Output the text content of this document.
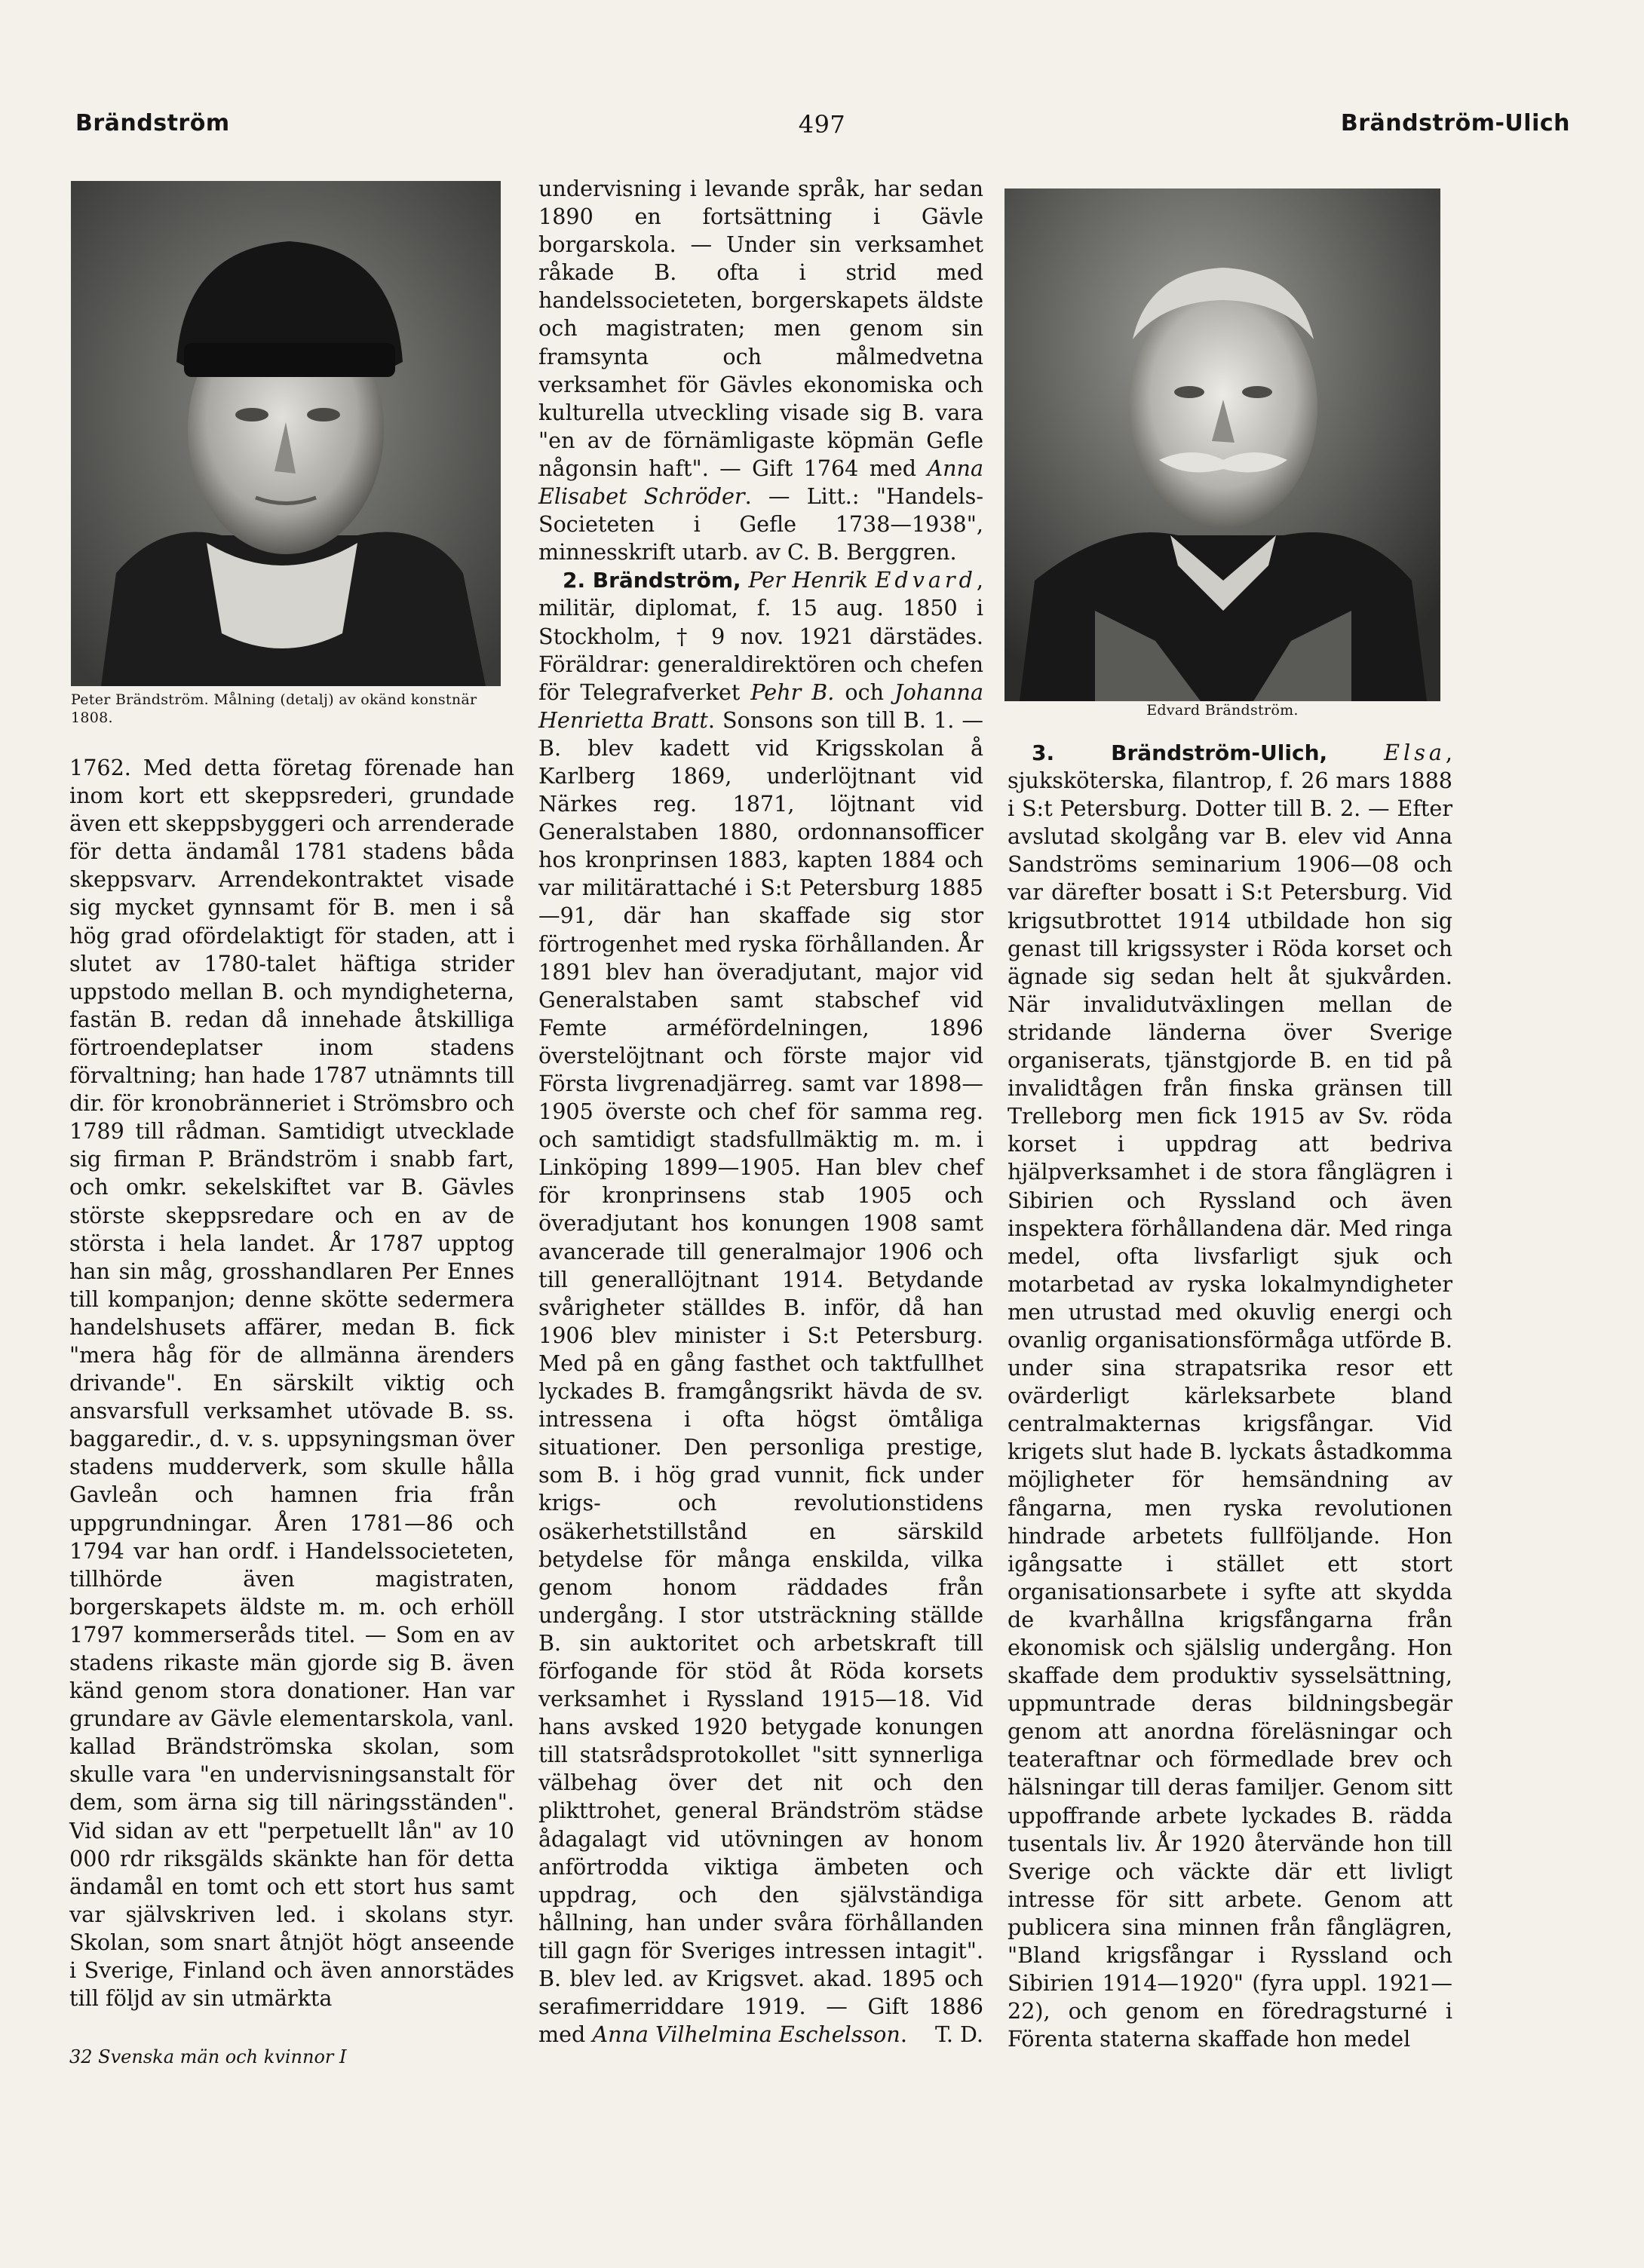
497
Brändström	Brändström-Ulich
Peter Brändström. Målning (detalj) av okänd konstnär 1808.	Edvard Brändström.

1762. Med detta företag förenade han inom kort ett skeppsrederi, grundade även ett skeppsbyggeri och arrenderade för detta ändamål 1781 stadens båda skeppsvarv. Arrendekontraktet visade sig mycket gynnsamt för B. men i så hög grad ofördelaktigt för staden, att i slutet av 1780-talet häftiga strider uppstodo mellan B. och myndigheterna, fastän B. redan då innehade åtskilliga förtroendeplatser inom stadens förvaltning; han hade 1787 utnämnts till dir. för kronobränneriet i Strömsbro och 1789 till rådman. Samtidigt utvecklade sig firman P. Brändström i snabb fart, och omkr. sekelskiftet var B. Gävles störste skeppsredare och en av de största i hela landet. År 1787 upptog han sin måg, grosshandlaren Per Ennes till kompanjon; denne skötte sedermera handelshusets affärer, medan B. fick "mera håg för de allmänna ärenders drivande". En särskilt viktig och ansvarsfull verksamhet utövade B. ss. baggaredir., d. v. s. uppsyningsman över stadens mudderverk, som skulle hålla Gavleån och hamnen fria från uppgrundningar. Åren 1781—86 och 1794 var han ordf. i Handelssocieteten, tillhörde även magistraten, borgerskapets äldste m. m. och erhöll 1797 kommerseråds titel. — Som en av stadens rikaste män gjorde sig B. även känd genom stora donationer. Han var grundare av Gävle elementarskola, vanl. kallad Brändströmska skolan, som skulle vara "en undervisningsanstalt för dem, som ärna sig till näringsständen". Vid sidan av ett "perpetuellt lån" av 10 000 rdr riksgälds skänkte han för detta ändamål en tomt och ett stort hus samt var självskriven led. i skolans styr. Skolan, som snart åtnjöt högt anseende i Sverige, Finland och även annorstädes till följd av sin utmärkta

undervisning i levande språk, har sedan 1890 en fortsättning i Gävle borgarskola. — Under sin verksamhet råkade B. ofta i strid med handelssocieteten, borgerskapets äldste och magistraten; men genom sin framsynta och målmedvetna verksamhet för Gävles ekonomiska och kulturella utveckling visade sig B. vara "en av de förnämligaste köpmän Gefle någonsin haft". — Gift 1764 med Anna Elisabet Schröder. — Litt.: "Handels-Societeten i Gefle 1738—1938", minnesskrift utarb. av C. B. Berggren.

2. Brändström, Per Henrik Edvard, militär, diplomat, f. 15 aug. 1850 i Stockholm, † 9 nov. 1921 därstädes. Föräldrar: generaldirektören och chefen för Telegrafverket Pehr B. och Johanna Henrietta Bratt. Sonsons son till B. 1. — B. blev kadett vid Krigsskolan å Karlberg 1869, underlöjtnant vid Närkes reg. 1871, löjtnant vid Generalstaben 1880, ordonnansofficer hos kronprinsen 1883, kapten 1884 och var militärattaché i S:t Petersburg 1885—91, där han skaffade sig stor förtrogenhet med ryska förhållanden. År 1891 blev han överadjutant, major vid Generalstaben samt stabschef vid Femte arméfördelningen, 1896 överstelöjtnant och förste major vid Första livgrenadjärreg. samt var 1898—1905 överste och chef för samma reg. och samtidigt stadsfullmäktig m. m. i Linköping 1899—1905. Han blev chef för kronprinsens stab 1905 och överadjutant hos konungen 1908 samt avancerade till generalmajor 1906 och till generallöjtnant 1914. Betydande svårigheter ställdes B. inför, då han 1906 blev minister i S:t Petersburg. Med på en gång fasthet och taktfullhet lyckades B. framgångsrikt hävda de sv. intressena i ofta högst ömtåliga situationer. Den personliga prestige, som B. i hög grad vunnit, fick under krigs- och revolutionstidens osäkerhetstillstånd en särskild betydelse för många enskilda, vilka genom honom räddades från undergång. I stor utsträckning ställde B. sin auktoritet och arbetskraft till förfogande för stöd åt Röda korsets verksamhet i Ryssland 1915—18. Vid hans avsked 1920 betygade konungen till statsrådsprotokollet "sitt synnerliga välbehag över det nit och den plikttrohet, general Brändström städse ådagalagt vid utövningen av honom anförtrodda viktiga ämbeten och uppdrag, och den självständiga hållning, han under svåra förhållanden till gagn för Sveriges intressen intagit". B. blev led. av Krigsvet. akad. 1895 och serafimerriddare 1919. — Gift 1886 med Anna Vilhelmina Eschelsson.	T. D.

3.	Brändström-Ulich,	Elsa, sjuksköterska, filantrop, f. 26 mars 1888 i S:t Petersburg. Dotter till B. 2. — Efter avslutad skolgång var B. elev vid Anna Sandströms seminarium 1906—08 och var därefter bosatt i S:t Petersburg. Vid krigsutbrottet 1914 utbildade hon sig genast till krigssyster i Röda korset och ägnade sig sedan helt åt sjukvården. När invalidutväxlingen mellan de stridande länderna över Sverige organiserats, tjänstgjorde B. en tid på invalidtågen från finska gränsen till Trelleborg men fick 1915 av Sv. röda korset i uppdrag att bedriva hjälpverksamhet i de stora fånglägren i Sibirien och Ryssland och även inspektera förhållandena där. Med ringa medel, ofta livsfarligt sjuk och motarbetad av ryska lokalmyndigheter men utrustad med okuvlig energi och ovanlig organisationsförmåga utförde B. under sina strapatsrika resor ett ovärderligt kärleksarbete bland centralmakternas krigsfångar. Vid krigets slut hade B. lyckats åstadkomma möjligheter för hemsändning av fångarna, men ryska revolutionen hindrade arbetets fullföljande. Hon igångsatte i stället ett stort organisationsarbete i syfte att skydda de kvarhållna krigsfångarna från ekonomisk och själslig undergång. Hon skaffade dem produktiv sysselsättning, uppmuntrade deras bildningsbegär genom att anordna föreläsningar och teateraftnar och förmedlade brev och hälsningar till deras familjer. Genom sitt uppoffrande arbete lyckades B. rädda tusentals liv. År 1920 återvände hon till Sverige och väckte där ett livligt intresse för sitt arbete. Genom att publicera sina minnen från fånglägren, "Bland krigsfångar i Ryssland och Sibirien 1914—1920" (fyra uppl. 1921—22), och genom en föredragsturné i Förenta staterna skaffade hon medel

32 Svenska män och kvinnor I
